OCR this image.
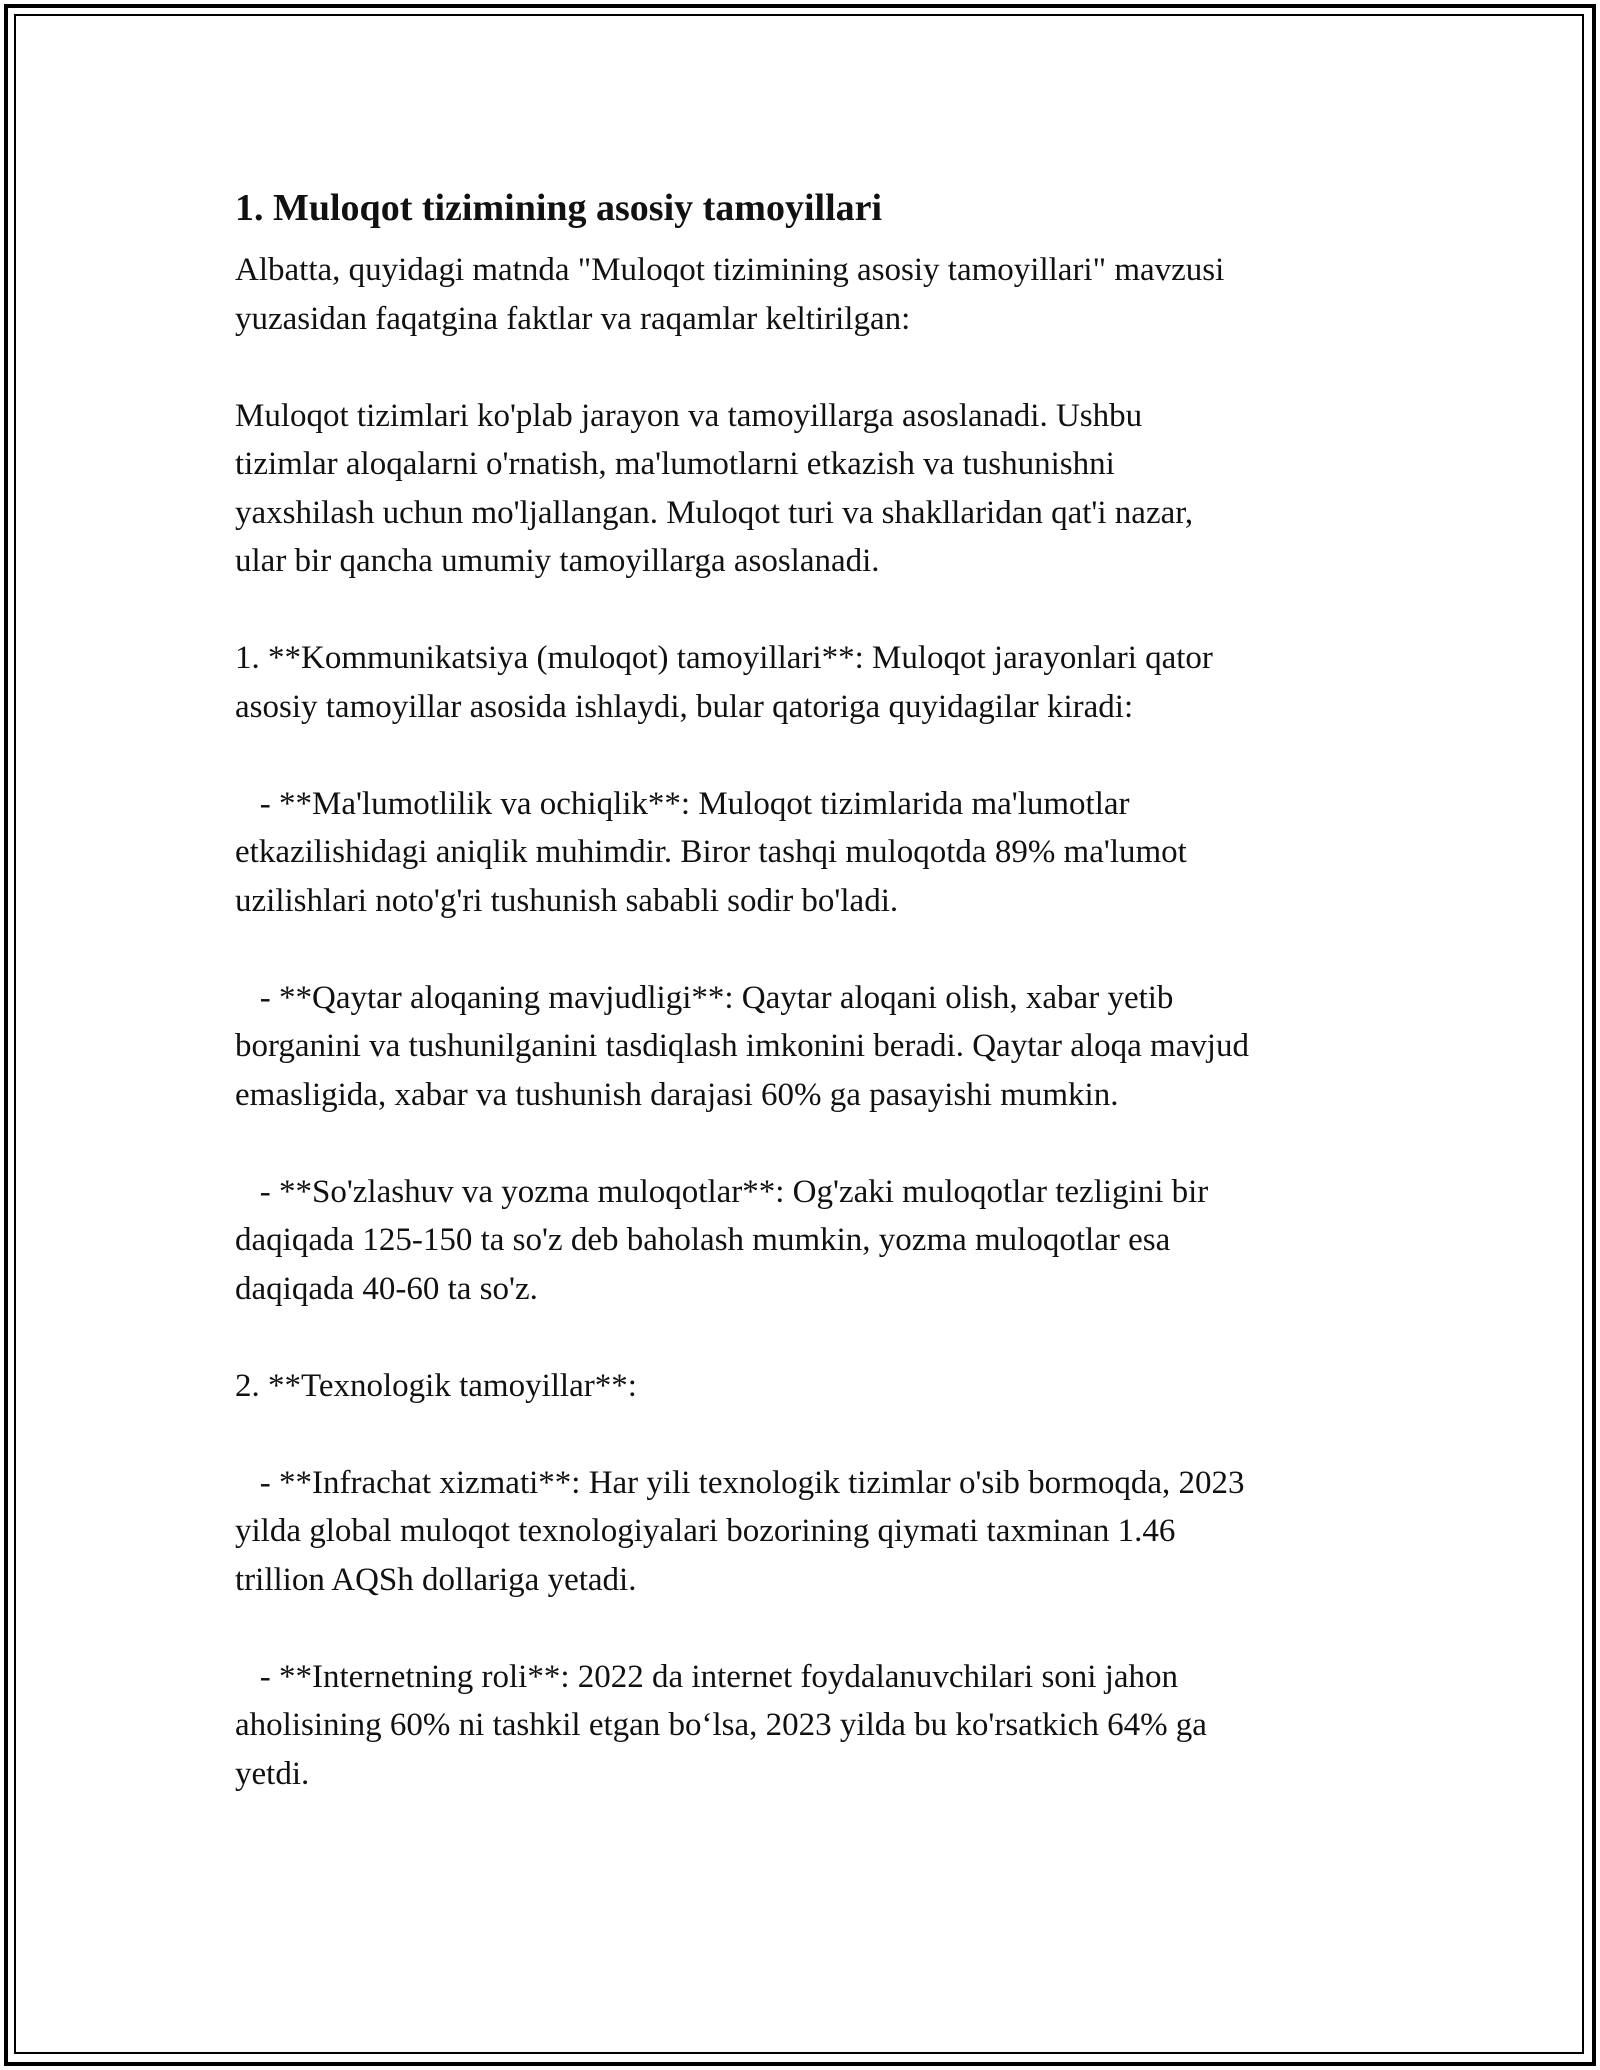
1. Muloqot tizimining asosiy tamoyillari

Albatta, quyidagi matnda "Muloqot tizimining asosiy tamoyillari" mavzusi
yuzasidan faqatgina faktlar va raqamlar keltirilgan:

Muloqot tizimlari ko'plab jarayon va tamoyillarga asoslanadi. Ushbu
tizimlar aloqalarni o'rnatish, ma'lumotlarni etkazish va tushunishni
yaxshilash uchun mo'ljallangan. Muloqot turi va shakllaridan qat'i nazar,
ular bir qancha umumiy tamoyillarga asoslanadi.

1. **Kommunikatsiya (muloqot) tamoyillari**: Muloqot jarayonlari qator
asosiy tamoyillar asosida ishlaydi, bular qatoriga quyidagilar kiradi:

- **Ma'lumotlilik va ochiqlik**: Muloqot tizimlarida ma'lumotlar
etkazilishidagi aniqlik muhimdir. Biror tashqi muloqotda 89% ma'lumot
uzilishlari noto'g'ri tushunish sababli sodir bo'ladi.

- **Qaytar aloqaning mavjudligi**: Qaytar aloqani olish, xabar yetib
borganini va tushunilganini tasdiqlash imkonini beradi. Qaytar aloqa mavjud
emasligida, xabar va tushunish darajasi 60% ga pasayishi mumkin.

- **So'zlashuv va yozma muloqotlar**: Og'zaki muloqotlar tezligini bir
daqiqada 125-150 ta so'z deb baholash mumkin, yozma muloqotlar esa
daqiqada 40-60 ta so'z.

2. **Texnologik tamoyillar**:

- **Infrachat xizmati**: Har yili texnologik tizimlar o'sib bormoqda, 2023
yilda global muloqot texnologiyalari bozorining qiymati taxminan 1.46
trillion AQSh dollariga yetadi.

- **Internetning roli**: 2022 da internet foydalanuvchilari soni jahon
aholisining 60% ni tashkil etgan bo‘lsa, 2023 yilda bu ko'rsatkich 64% ga
yetdi.
